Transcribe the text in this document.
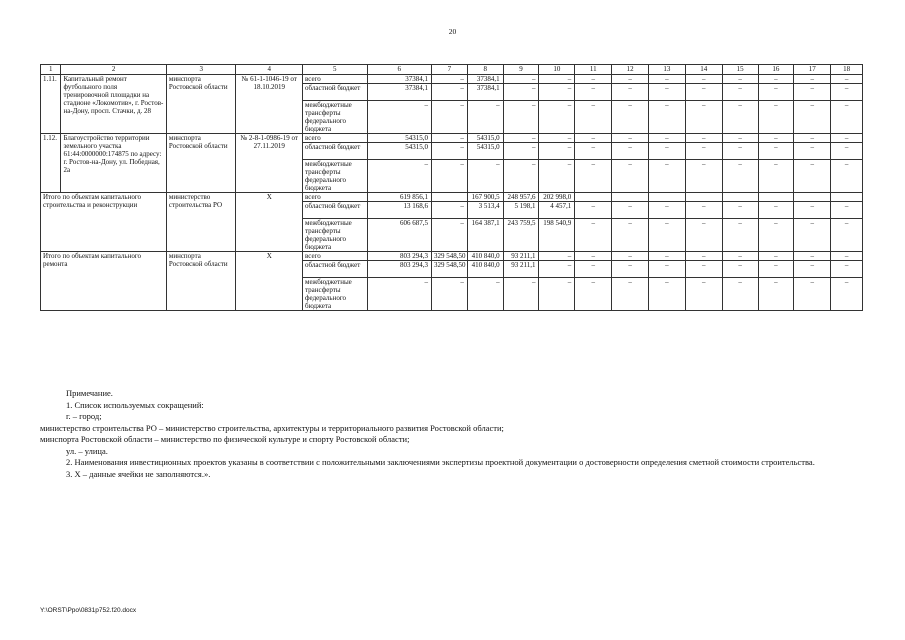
20
1	2	3	4	5	6	7	8	9	10	11	12	13	14	15	16	17	18
1.11.	Капитальный ремонт футбольного поля тренировочной площадки на стадионе «Локомотив», г. Ростов-на-Дону, просп. Стачки, д. 28	минспорта Ростовской области	№ 61-1-1046-19 от 18.10.2019	всего	37384,1	–	37384,1	–	–	–	–	–	–	–	–	–	–
				областной бюджет	37384,1	–	37384,1	–	–	–	–	–	–	–	–	–	–
				межбюджетные трансферты федерального бюджета	–	–	–	–	–	–	–	–	–	–	–	–	–
1.12.	Благоустройство территории земельного участка 61:44:0000000:174875 по адресу: г. Ростов-на-Дону, ул. Победная, 2а	минспорта Ростовской области	№ 2-8-1-0986-19 от 27.11.2019	всего	54315,0	–	54315,0	–	–	–	–	–	–	–	–	–	–
				областной бюджет	54315,0	–	54315,0	–	–	–	–	–	–	–	–	–	–
				межбюджетные трансферты федерального бюджета	–	–	–	–	–	–	–	–	–	–	–	–	–
Итого по объектам капитального строительства и реконструкции		министерство строительства РО	Х	всего	619 856,1		167 900,5	248 957,6	202 998,0								
				областной бюджет	13 168,6	–	3 513,4	5 198,1	4 457,1	–	–	–	–	–	–	–	–
				межбюджетные трансферты федерального бюджета	606 687,5	–	164 387,1	243 759,5	198 540,9	–	–	–	–	–	–	–	–
Итого по объектам капитального ремонта		минспорта Ростовской области	Х	всего	803 294,3	329 548,50	410 840,0	93 211,1	–	–	–	–	–	–	–	–	–
				областной бюджет	803 294,3	329 548,50	410 840,0	93 211,1	–	–	–	–	–	–	–	–	–
				межбюджетные трансферты федерального бюджета	–	–	–	–	–	–	–	–	–	–	–	–	–
Примечание.
1. Список используемых сокращений:
г. – город;
министерство строительства РО – министерство строительства, архитектуры и территориального развития Ростовской области;
минспорта Ростовской области – министерство по физической культуре и спорту Ростовской области;
ул. – улица.
2. Наименования инвестиционных проектов указаны в соответствии с положительными заключениями экспертизы проектной документации о достоверности определения сметной стоимости строительства.
3. Х – данные ячейки не заполняются.».
Y:\ORST\Ppo\0831p752.f20.docx
